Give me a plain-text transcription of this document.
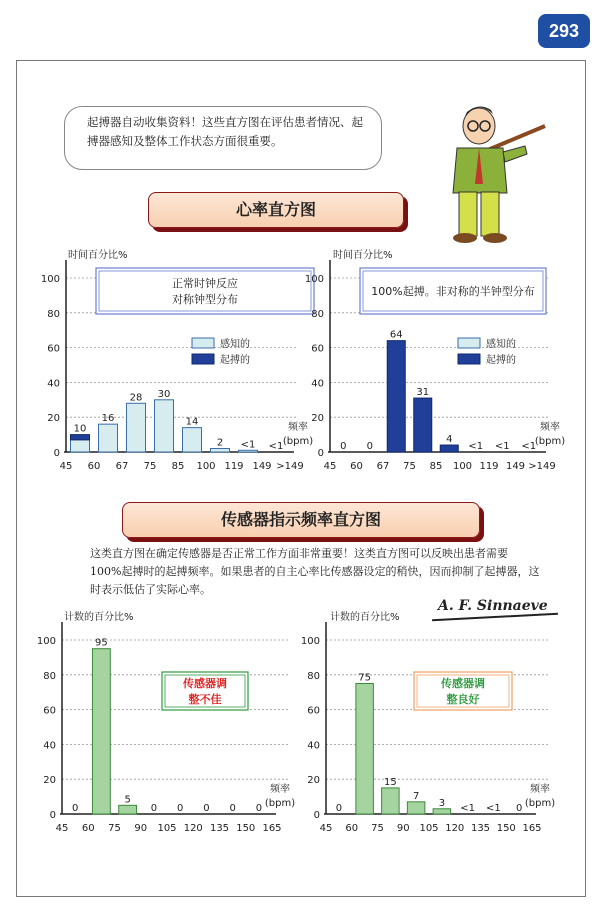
293
起搏器自动收集资料！这些直方图在评估患者情况、起搏器感知及整体工作状态方面很重要。
心率直方图
传感器指示频率直方图
这类直方图在确定传感器是否正常工作方面非常重要！这类直方图可以反映出患者需要 100%起搏时的起搏频率。如果患者的自主心率比传感器设定的稍快，因而抑制了起搏器，这时表示低估了实际心率。
A. F. Sinnaeve
时间百分比%
0
20
40
60
80
100
45 60 67 75 85 100 119 149 >149
频率
(bpm)
10
16
28 30
14
2 <1 <1
正常时钟反应
对称钟型分布
感知的
起搏的
时间百分比%
0
20
40
60
80
100
45 60 67 75 85 100 119 149 >149
频率
(bpm)
0 0
64
31
4
<1 <1 <1
100%起搏。非对称的半钟型分布
感知的
起搏的
计数的百分比%
0
20
40
60
80
100
45 60 75 90 105 120 135 150 165
频率
(bpm)
0
95
5
0 0 0 0 0
传感器调
整不佳
计数的百分比%
0
20
40
60
80
100
45 60 75 90 105 120 135 150 165
频率
(bpm)
0
75
15
7
3 <1 <1 0
传感器调
整良好
